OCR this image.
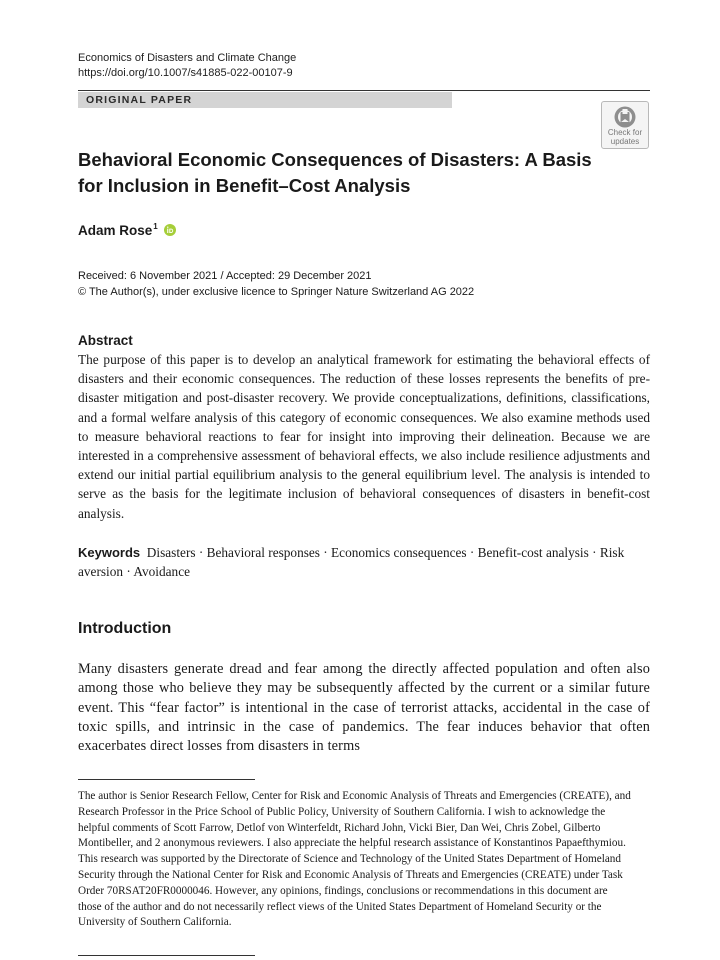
Economics of Disasters and Climate Change
https://doi.org/10.1007/s41885-022-00107-9
ORIGINAL PAPER
Check for
updates
Behavioral Economic Consequences of Disasters: A Basis for Inclusion in Benefit–Cost Analysis
Adam Rose$^1$
Received: 6 November 2021 / Accepted: 29 December 2021
© The Author(s), under exclusive licence to Springer Nature Switzerland AG 2022
Abstract

The purpose of this paper is to develop an analytical framework for estimating the behavioral effects of disasters and their economic consequences. The reduction of these losses represents the benefits of pre-disaster mitigation and post-disaster recovery. We provide conceptualizations, definitions, classifications, and a formal welfare analysis of this category of economic consequences. We also examine methods used to measure behavioral reactions to fear for insight into improving their delineation. Because we are interested in a comprehensive assessment of behavioral effects, we also include resilience adjustments and extend our initial partial equilibrium analysis to the general equilibrium level. The analysis is intended to serve as the basis for the legitimate inclusion of behavioral consequences of disasters in benefit-cost analysis.

Keywords Disasters · Behavioral responses · Economics consequences · Benefit-cost analysis · Risk aversion · Avoidance

Introduction

Many disasters generate dread and fear among the directly affected population and often also among those who believe they may be subsequently affected by the current or a similar future event. This “fear factor” is intentional in the case of terrorist attacks, accidental in the case of toxic spills, and intrinsic in the case of pandemics. The fear induces behavior that often exacerbates direct losses from disasters in terms

The author is Senior Research Fellow, Center for Risk and Economic Analysis of Threats and Emergencies (CREATE), and Research Professor in the Price School of Public Policy, University of Southern California. I wish to acknowledge the helpful comments of Scott Farrow, Detlof von Winterfeldt, Richard John, Vicki Bier, Dan Wei, Chris Zobel, Gilberto Montibeller, and 2 anonymous reviewers. I also appreciate the helpful research assistance of Konstantinos Papaefthymiou. This research was supported by the Directorate of Science and Technology of the United States Department of Homeland Security through the National Center for Risk and Economic Analysis of Threats and Emergencies (CREATE) under Task Order 70RSAT20FR0000046. However, any opinions, findings, conclusions or recommendations in this document are those of the author and do not necessarily reflect views of the United States Department of Homeland Security or the University of Southern California.
